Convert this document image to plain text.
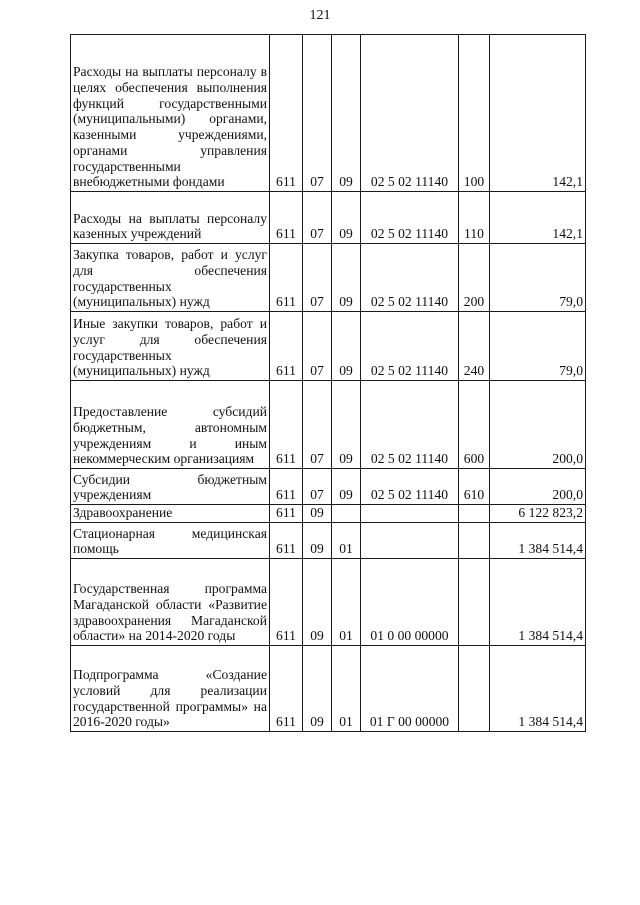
121
Расходы на выплаты персоналу в целях обеспечения выполнения функций государственными (муниципальными) органами, казенными учреждениями, органами управления государственными внебюджетными фондами	611	07	09	02 5 02 11140	100	142,1

Расходы на выплаты персоналу казенных учреждений	611	07	09	02 5 02 11140	110	142,1

Закупка товаров, работ и услуг для обеспечения государственных (муниципальных) нужд	611	07	09	02 5 02 11140	200	79,0

Иные закупки товаров, работ и услуг для обеспечения государственных (муниципальных) нужд	611	07	09	02 5 02 11140	240	79,0

Предоставление субсидий бюджетным, автономным учреждениям и иным некоммерческим организациям	611	07	09	02 5 02 11140	600	200,0

Субсидии бюджетным учреждениям	611	07	09	02 5 02 11140	610	200,0

Здравоохранение	611	09				6 122 823,2

Стационарная медицинская помощь	611	09	01			1 384 514,4

Государственная программа Магаданской области «Развитие здравоохранения Магаданской области» на 2014-2020 годы	611	09	01	01 0 00 00000		1 384 514,4

Подпрограмма «Создание условий для реализации государственной программы» на 2016-2020 годы»	611	09	01	01 Г 00 00000		1 384 514,4
